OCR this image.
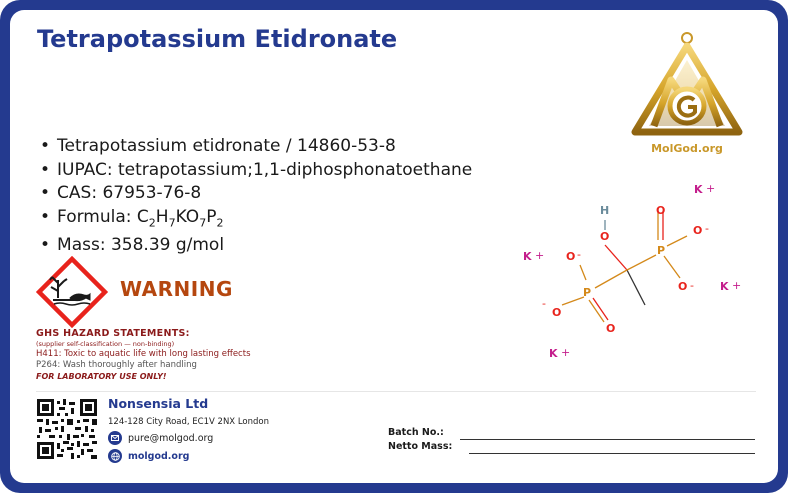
Tetrapotassium Etidronate
MolGod.org
• Tetrapotassium etidronate / 14860-53-8
• IUPAC: tetrapotassium;1,1-diphosphonatoethane
• CAS: 67953-76-8
• Formula: $C_2H_7KO_7P_2$
• Mass: 358.39 g/mol
WARNING
GHS HAZARD STATEMENTS:
(supplier self-classification — non-binding)
H411: Toxic to aquatic life with long lasting effects
P264: Wash thoroughly after handling
FOR LABORATORY USE ONLY!
Nonsensia Ltd
124-128 City Road, EC1V 2NX London
pure@molgod.org
molgod.org
Batch No.:
Netto Mass:
H
O
P
O
O -
O -
P
O -
O
O
-
K +
K +
K +
K +
